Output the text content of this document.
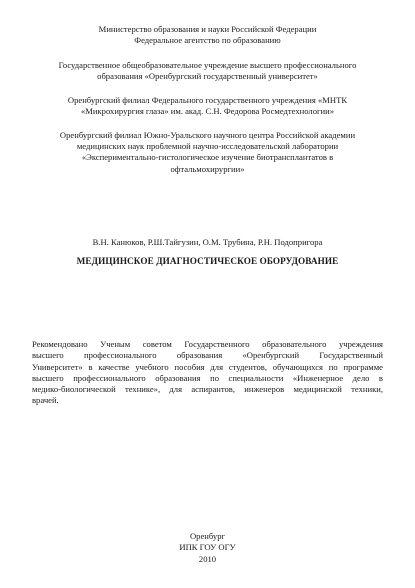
Министерство образования и науки Российской Федерации
Федеральное агентство по образованию
Государственное общеобразовательное учреждение высшего профессионального
образования «Оренбургский государственный университет»
Оренбургский филиал Федерального государственного учреждения «МНТК
«Микрохирургия глаза» им. акад. С.Н. Федорова Росмедтехнологии»
Оренбургский филиал Южно-Уральского научного центра Российской академии
медицинских наук проблемной научно-исследовательской лаборатории
«Экспериментально-гистологическое изучение биотрансплантатов в
офтальмохирургии»
В.Н. Канюков, Р.Ш.Тайгузин, О.М. Трубина, Р.Н. Подопригора
МЕДИЦИНСКОЕ ДИАГНОСТИЧЕСКОЕ ОБОРУДОВАНИЕ
Рекомендовано Ученым советом Государственного образовательного учреждения
высшего профессионального образования «Оренбургский Государственный
Университет» в качестве учебного пособия для студентов, обучающихся по программе
высшего профессионального образования по специальности «Инженерное дело в
медико-биологической технике», для аспирантов, инженеров медицинской техники,
врачей.
Оренбург
ИПК ГОУ ОГУ
2010
